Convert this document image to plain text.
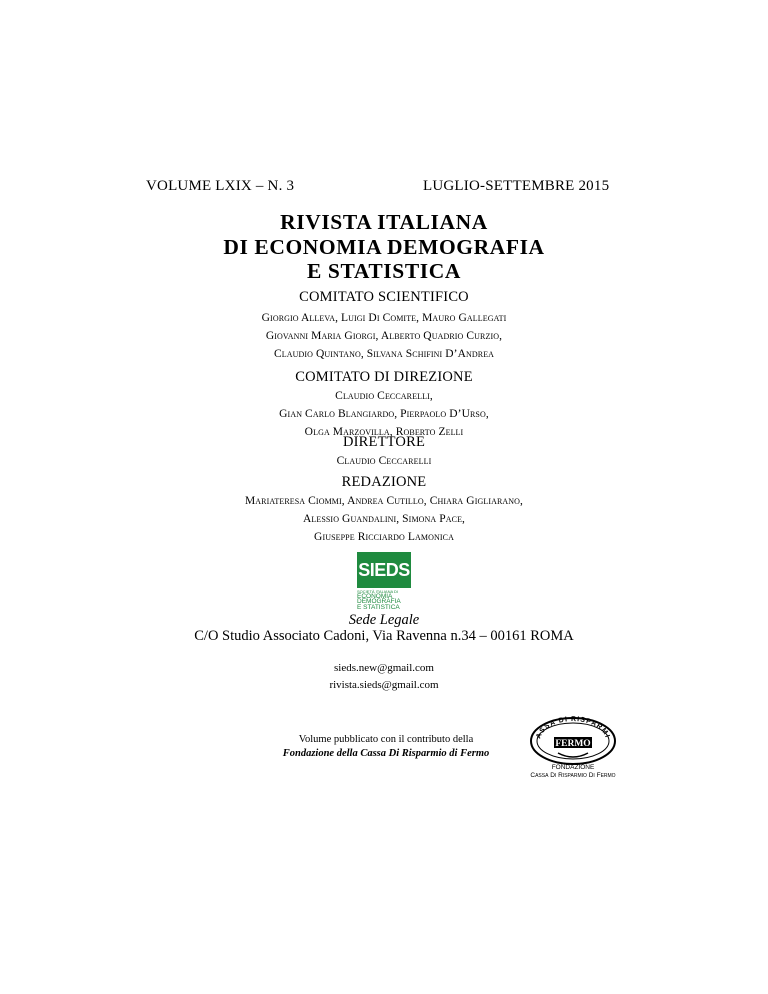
VOLUME LXIX – N. 3	LUGLIO-SETTEMBRE 2015
RIVISTA ITALIANA
DI ECONOMIA DEMOGRAFIA
E STATISTICA
COMITATO SCIENTIFICO
Giorgio Alleva, Luigi Di Comite, Mauro Gallegati
Giovanni Maria Giorgi, Alberto Quadrio Curzio,
Claudio Quintano, Silvana Schifini D’Andrea
COMITATO DI DIREZIONE
Claudio Ceccarelli,
Gian Carlo Blangiardo, Pierpaolo D’Urso,
Olga Marzovilla, Roberto Zelli
DIRETTORE
Claudio Ceccarelli
REDAZIONE
Mariateresa Ciommi, Andrea Cutillo, Chiara Gigliarano,
Alessio Guandalini, Simona Pace,
Giuseppe Ricciardo Lamonica
SIEDS
SOCIETÀ ITALIANA DI
ECONOMIA
DEMOGRAFIA
E STATISTICA
Sede Legale
C/O Studio Associato Cadoni, Via Ravenna n.34 – 00161 ROMA
sieds.new@gmail.com
rivista.sieds@gmail.com
Volume pubblicato con il contributo della
Fondazione della Cassa Di Risparmio di Fermo
ASSA DI RISPARMI
FERMO
FONDAZIONE
Cassa Di Risparmio Di Fermo
